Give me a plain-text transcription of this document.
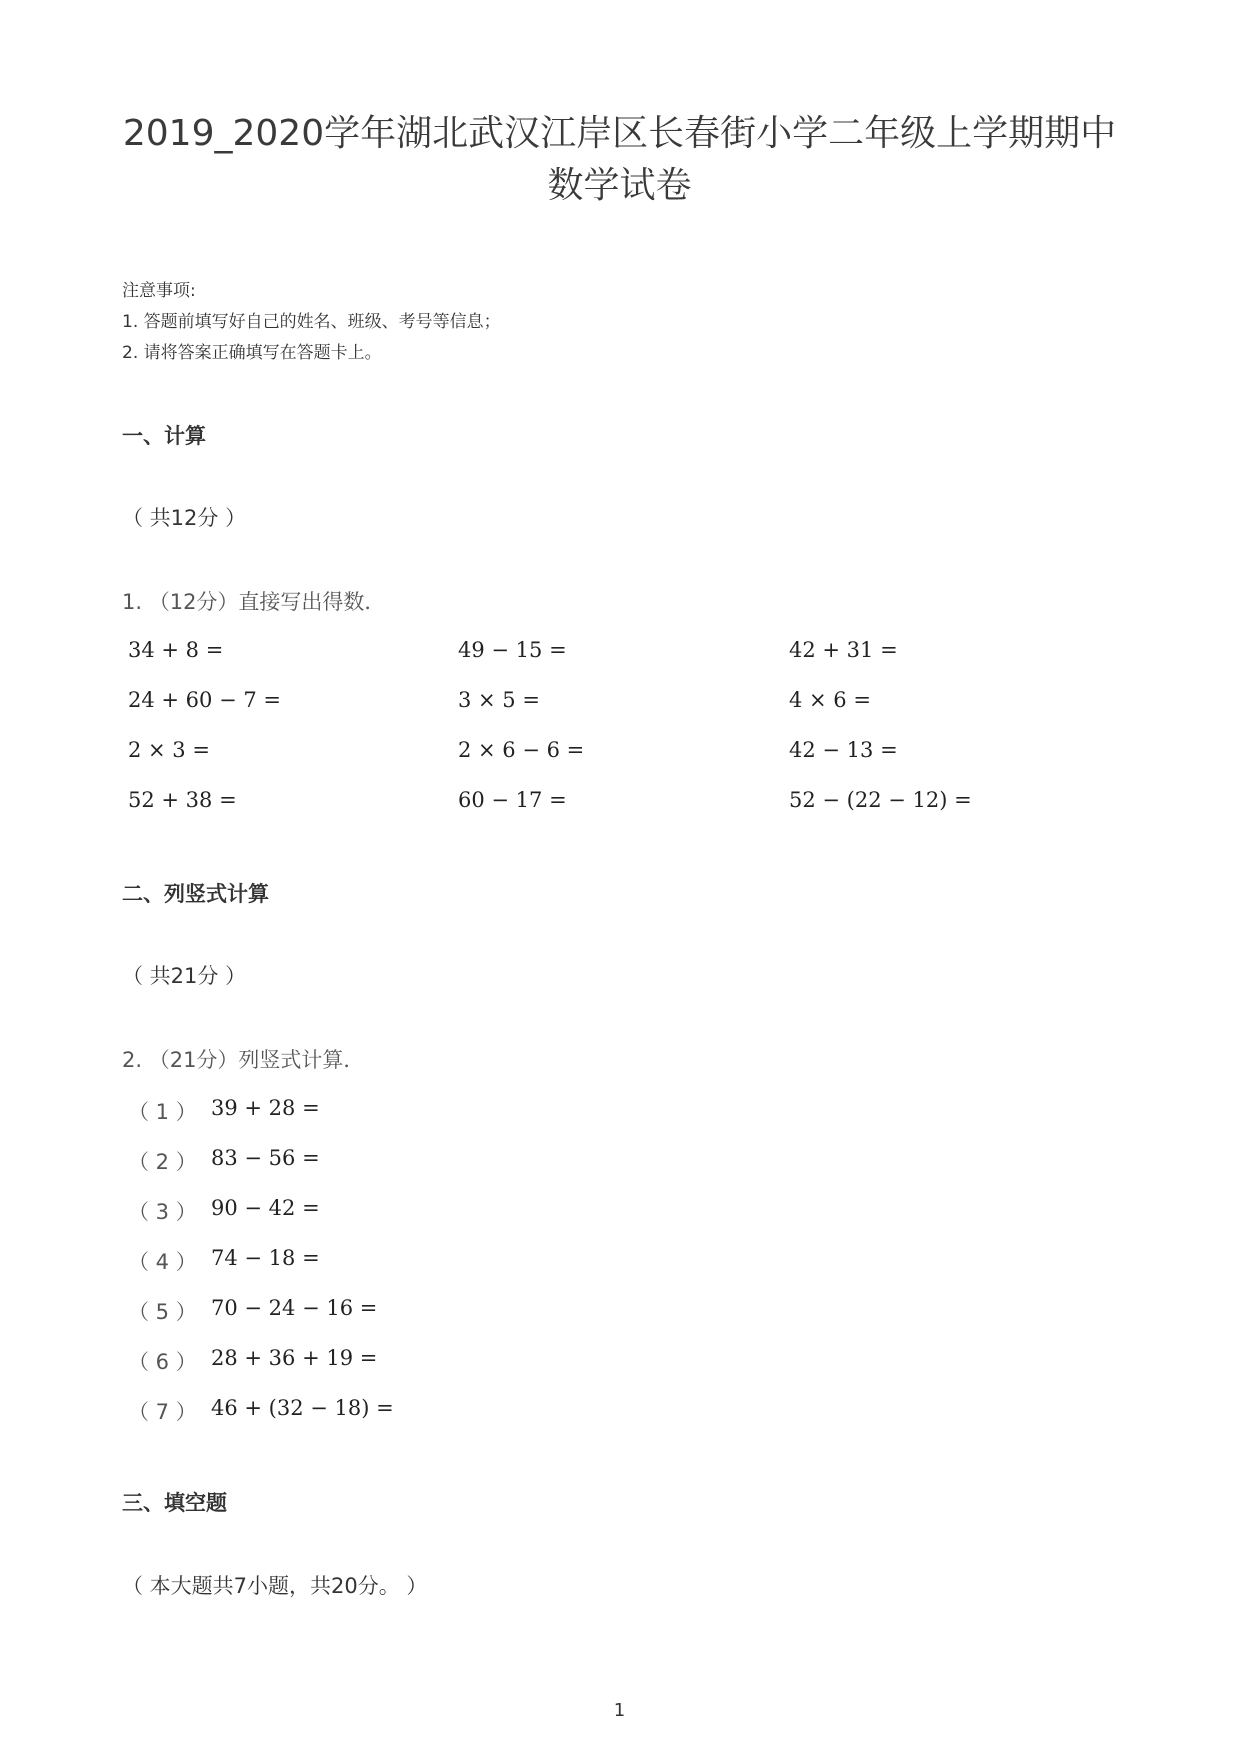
2019_2020学年湖北武汉江岸区长春街小学二年级上学期期中
数学试卷
注意事项:
1. 答题前填写好自己的姓名、班级、考号等信息；
2. 请将答案正确填写在答题卡上。
一、计算
（ 共12分 ）
1. （12分）直接写出得数．
34 + 8 =	49 − 15 =	42 + 31 =
24 + 60 − 7 =	3 × 5 =	4 × 6 =
2 × 3 =	2 × 6 − 6 =	42 − 13 =
52 + 38 =	60 − 17 =	52 − (22 − 12) =
二、列竖式计算
（ 共21分 ）
2. （21分）列竖式计算．
（ 1 ） 39 + 28 =
（ 2 ） 83 − 56 =
（ 3 ） 90 − 42 =
（ 4 ） 74 − 18 =
（ 5 ） 70 − 24 − 16 =
（ 6 ） 28 + 36 + 19 =
（ 7 ） 46 + (32 − 18) =
三、填空题
（ 本大题共7小题，共20分。 ）
1
